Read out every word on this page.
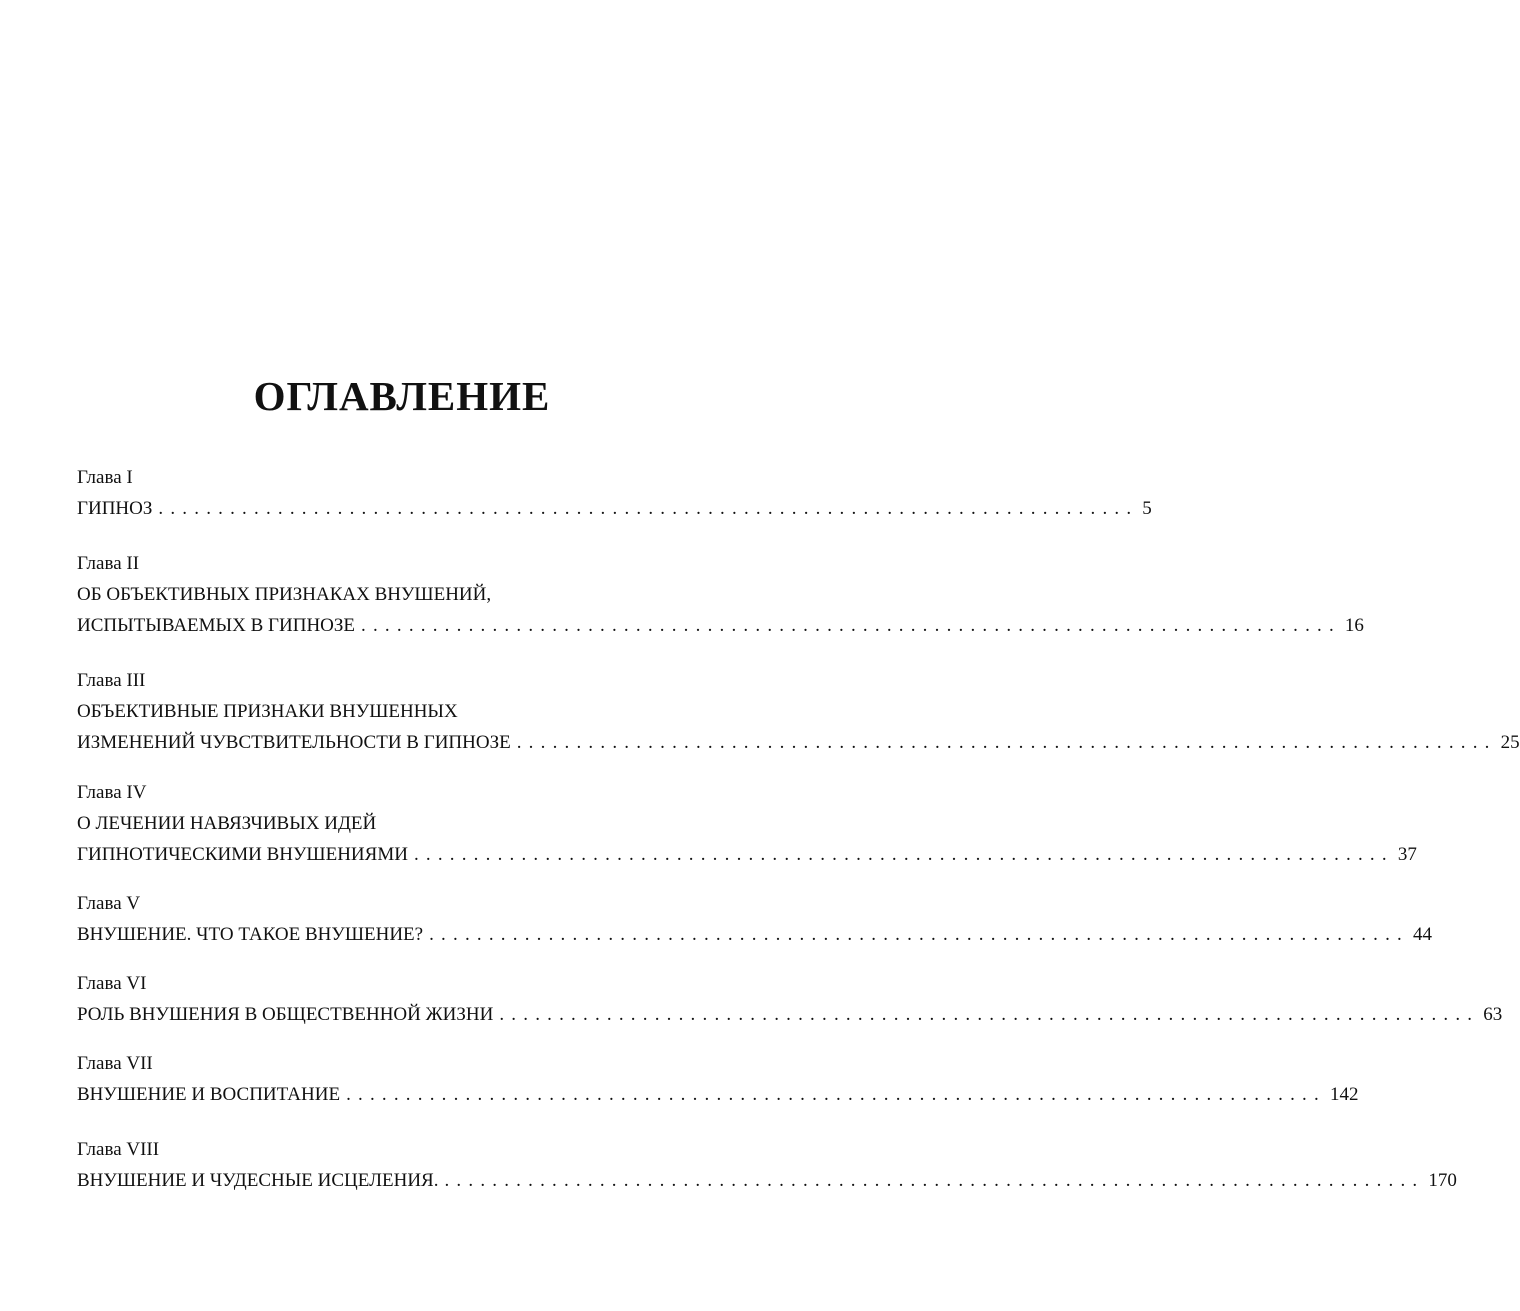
ОГЛАВЛЕНИЕ
Глава I
ГИПНОЗ .................................................................................. 5
Глава II
ОБ ОБЪЕКТИВНЫХ ПРИЗНАКАХ ВНУШЕНИЙ,
ИСПЫТЫВАЕМЫХ В ГИПНОЗЕ .................................................................................. 16
Глава III
ОБЪЕКТИВНЫЕ ПРИЗНАКИ ВНУШЕННЫХ
ИЗМЕНЕНИЙ ЧУВСТВИТЕЛЬНОСТИ В ГИПНОЗЕ .................................................................................. 25
Глава IV
О ЛЕЧЕНИИ НАВЯЗЧИВЫХ ИДЕЙ
ГИПНОТИЧЕСКИМИ ВНУШЕНИЯМИ .................................................................................. 37
Глава V
ВНУШЕНИЕ. ЧТО ТАКОЕ ВНУШЕНИЕ? .................................................................................. 44
Глава VI
РОЛЬ ВНУШЕНИЯ В ОБЩЕСТВЕННОЙ ЖИЗНИ .................................................................................. 63
Глава VII
ВНУШЕНИЕ И ВОСПИТАНИЕ .................................................................................. 142
Глава VIII
ВНУШЕНИЕ И ЧУДЕСНЫЕ ИСЦЕЛЕНИЯ. .................................................................................. 170
